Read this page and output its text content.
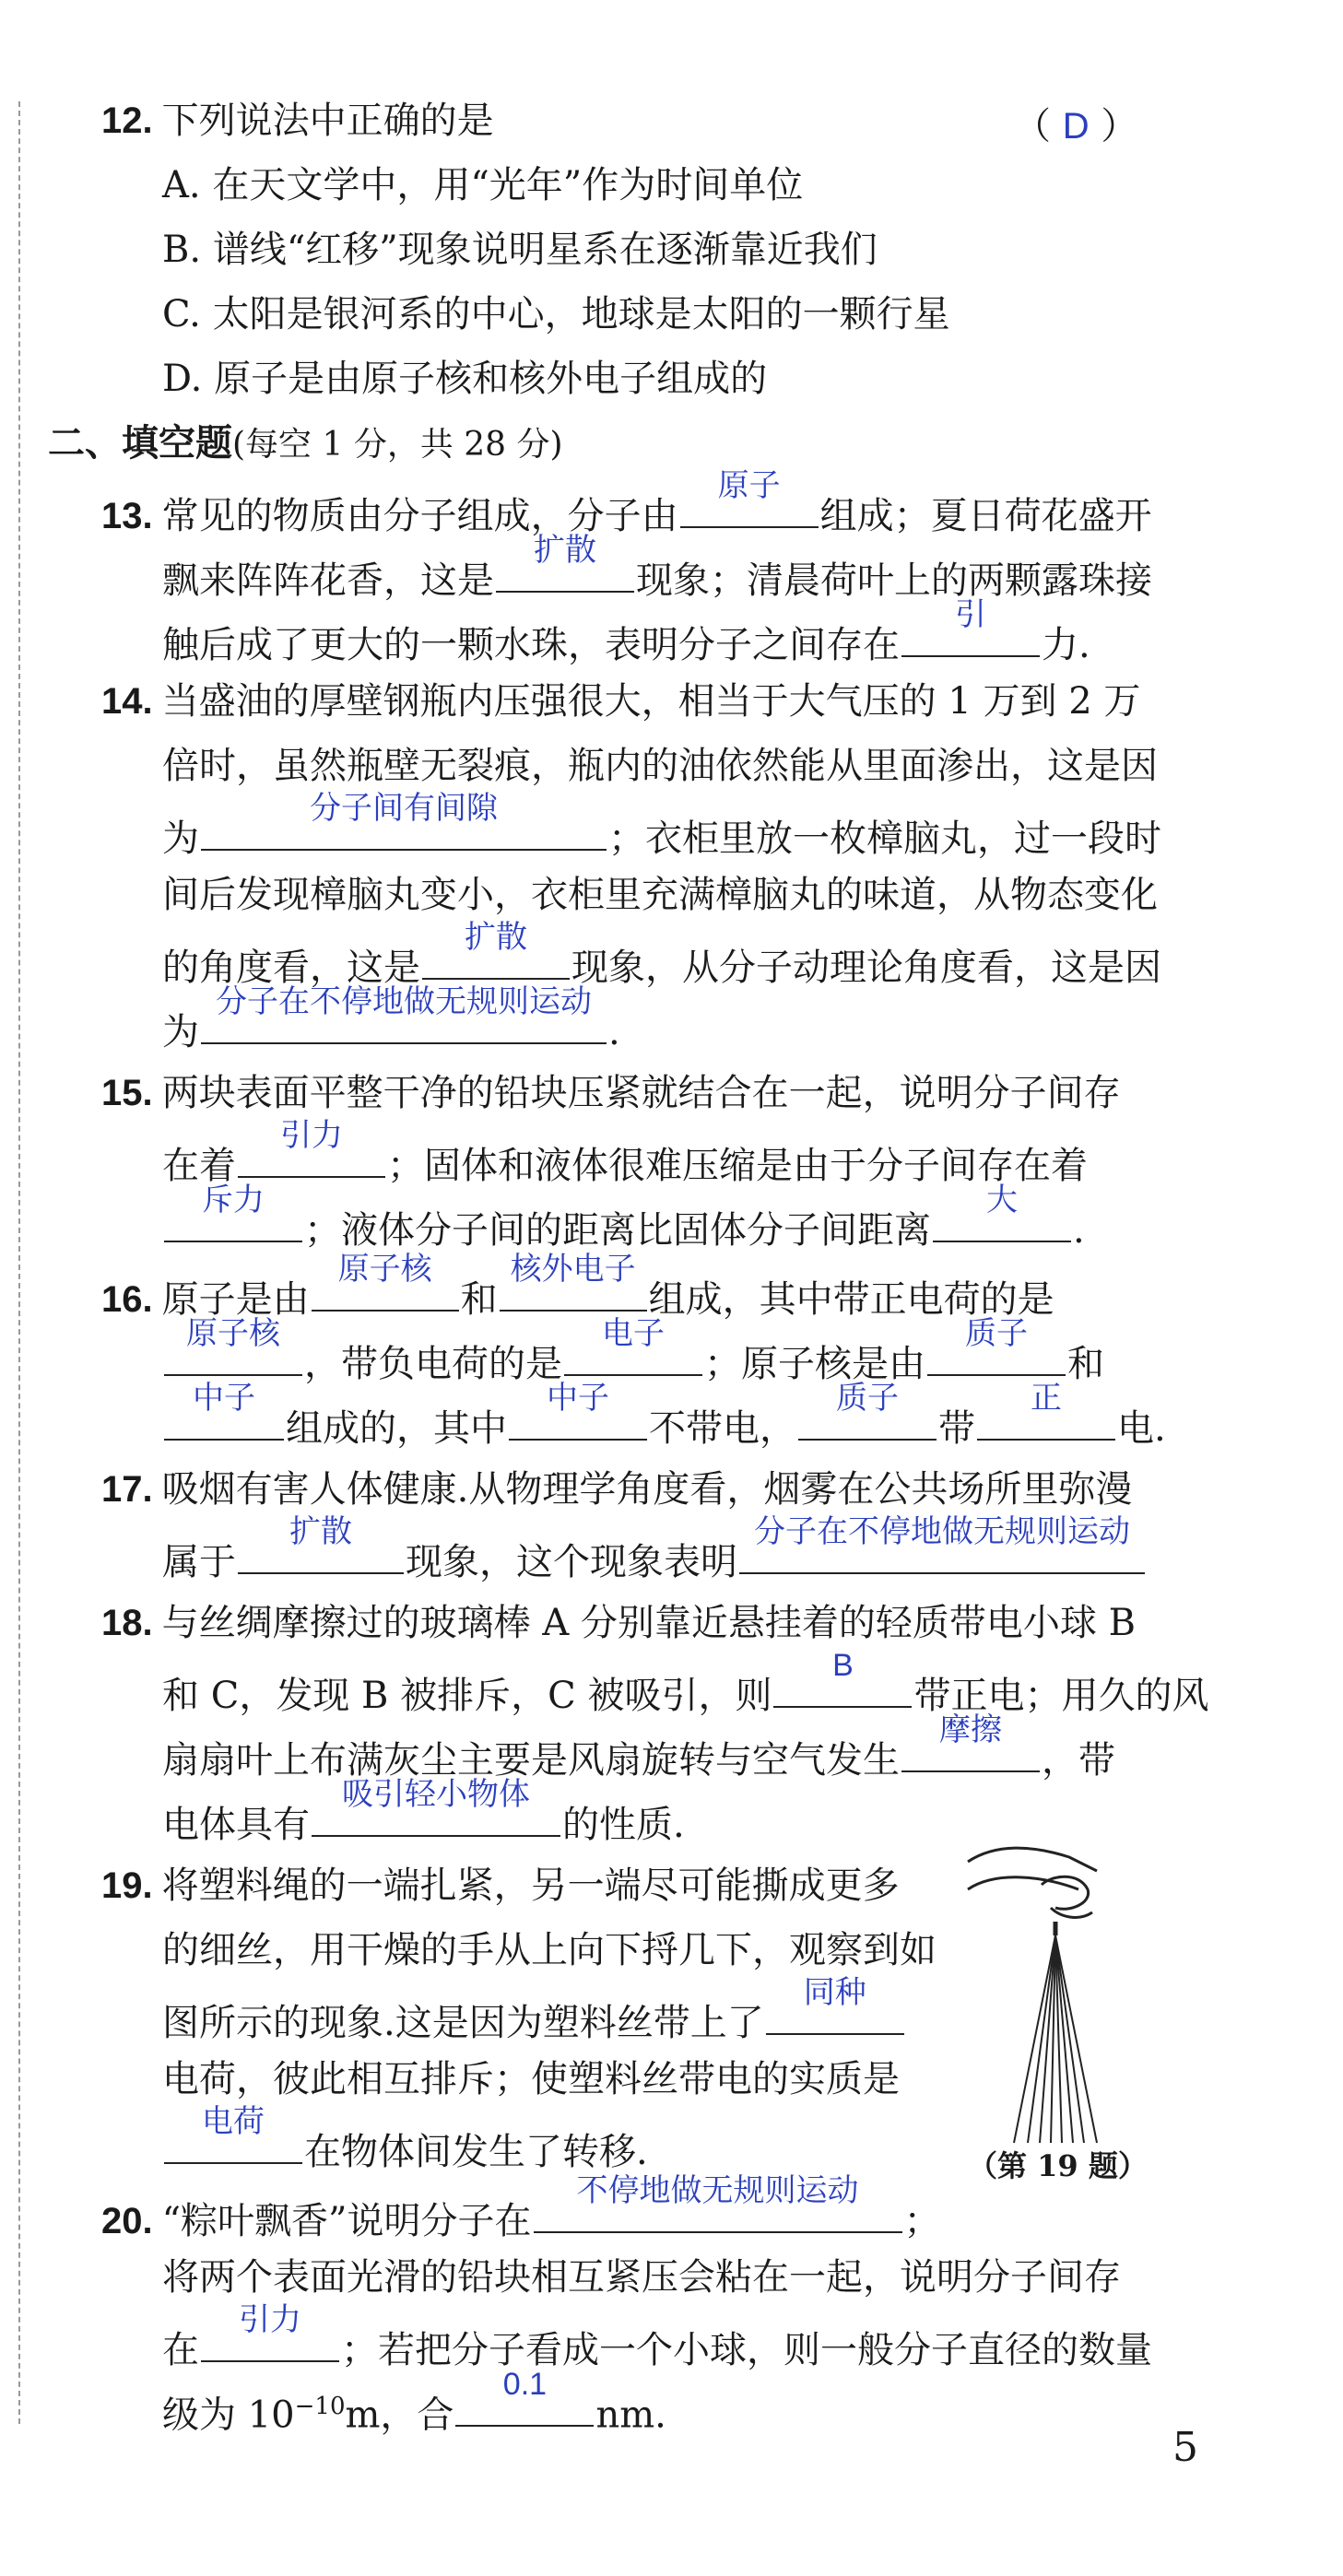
12. 下列说法中正确的是	（ D ）
A. 在天文学中，用“光年”作为时间单位
B. 谱线“红移”现象说明星系在逐渐靠近我们
C. 太阳是银河系的中心，地球是太阳的一颗行星
D. 原子是由原子核和核外电子组成的
二、填空题(每空 1 分，共 28 分)
13. 常见的物质由分子组成，分子由
原子
组成；夏日荷花盛开
飘来阵阵花香，这是
扩散
现象；清晨荷叶上的两颗露珠接
触后成了更大的一颗水珠，表明分子之间存在
引
力.
14. 当盛油的厚壁钢瓶内压强很大，相当于大气压的 1 万到 2 万
倍时，虽然瓶壁无裂痕，瓶内的油依然能从里面渗出，这是因
为
分子间有间隙
；衣柜里放一枚樟脑丸，过一段时
间后发现樟脑丸变小，衣柜里充满樟脑丸的味道，从物态变化
的角度看，这是
扩散
现象，从分子动理论角度看，这是因
为
分子在不停地做无规则运动
.
15. 两块表面平整干净的铅块压紧就结合在一起，说明分子间存
在着
引力
；固体和液体很难压缩是由于分子间存在着
斥力
；液体分子间的距离比固体分子间距离
大
.
16. 原子是由
原子核
和
核外电子
组成，其中带正电荷的是
原子核
，带负电荷的是
电子
；原子核是由
质子
和
中子
组成的，其中
中子
不带电，
质子
带
正
电.
17. 吸烟有害人体健康.从物理学角度看，烟雾在公共场所里弥漫
属于
扩散
现象，这个现象表明
分子在不停地做无规则运动
18. 与丝绸摩擦过的玻璃棒 A 分别靠近悬挂着的轻质带电小球 B
和 C，发现 B 被排斥，C 被吸引，则
B
带正电；用久的风
扇扇叶上布满灰尘主要是风扇旋转与空气发生
摩擦
，带
电体具有
吸引轻小物体
的性质.
19. 将塑料绳的一端扎紧，另一端尽可能撕成更多
的细丝，用干燥的手从上向下捋几下，观察到如
图所示的现象.这是因为塑料丝带上了
同种
电荷，彼此相互排斥；使塑料丝带电的实质是
电荷
在物体间发生了转移.	（第 19 题）
20. “粽叶飘香”说明分子在
不停地做无规则运动
；
将两个表面光滑的铅块相互紧压会粘在一起，说明分子间存
在
引力
；若把分子看成一个小球，则一般分子直径的数量
级为 $10^{-10}m$，合
0.1
nm.
5
